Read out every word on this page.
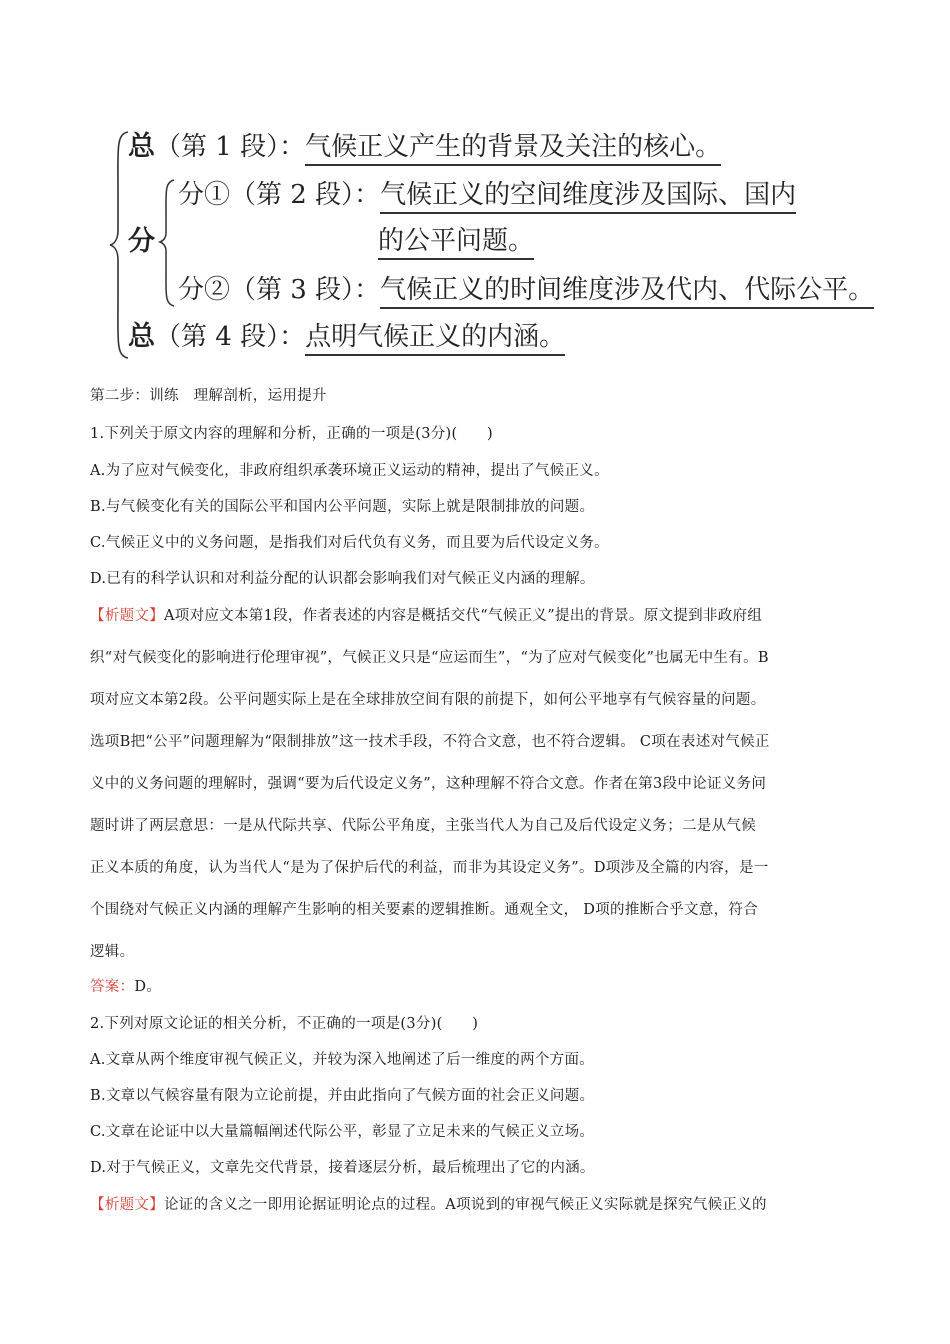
总（第 1 段）：气候正义产生的背景及关注的核心。
分
分①（第 2 段）：气候正义的空间维度涉及国际、国内
的公平问题。
分②（第 3 段）：气候正义的时间维度涉及代内、代际公平。
总（第 4 段）：点明气候正义的内涵。
第二步：训练　理解剖析，运用提升
1.下列关于原文内容的理解和分析，正确的一项是(3分)(　　)
A.为了应对气候变化，非政府组织承袭环境正义运动的精神，提出了气候正义。
B.与气候变化有关的国际公平和国内公平问题，实际上就是限制排放的问题。
C.气候正义中的义务问题，是指我们对后代负有义务，而且要为后代设定义务。
D.已有的科学认识和对利益分配的认识都会影响我们对气候正义内涵的理解。
【析题文】A项对应文本第1段，作者表述的内容是概括交代“气候正义”提出的背景。原文提到非政府组
织“对气候变化的影响进行伦理审视”，气候正义只是“应运而生”，“为了应对气候变化”也属无中生有。B
项对应文本第2段。公平问题实际上是在全球排放空间有限的前提下，如何公平地享有气候容量的问题。
选项B把“公平”问题理解为“限制排放”这一技术手段，不符合文意，也不符合逻辑。 C项在表述对气候正
义中的义务问题的理解时，强调“要为后代设定义务”，这种理解不符合文意。作者在第3段中论证义务问
题时讲了两层意思：一是从代际共享、代际公平角度，主张当代人为自己及后代设定义务；二是从气候
正义本质的角度，认为当代人“是为了保护后代的利益，而非为其设定义务”。D项涉及全篇的内容，是一
个围绕对气候正义内涵的理解产生影响的相关要素的逻辑推断。通观全文， D项的推断合乎文意，符合
逻辑。
答案：D。
2.下列对原文论证的相关分析，不正确的一项是(3分)(　　)
A.文章从两个维度审视气候正义，并较为深入地阐述了后一维度的两个方面。
B.文章以气候容量有限为立论前提，并由此指向了气候方面的社会正义问题。
C.文章在论证中以大量篇幅阐述代际公平，彰显了立足未来的气候正义立场。
D.对于气候正义，文章先交代背景，接着逐层分析，最后梳理出了它的内涵。
【析题文】论证的含义之一即用论据证明论点的过程。A项说到的审视气候正义实际就是探究气候正义的
